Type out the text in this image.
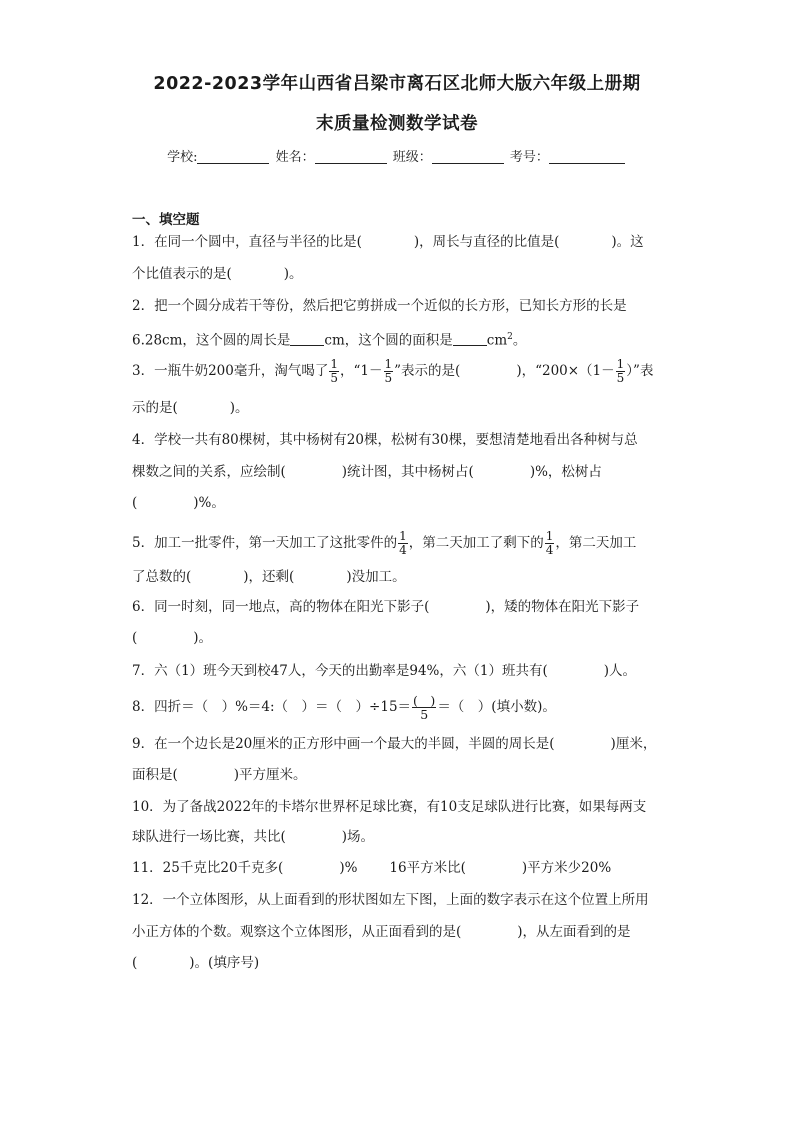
2022-2023学年山西省吕梁市离石区北师大版六年级上册期
末质量检测数学试卷
学校:	姓名：	班级：	考号：
一、填空题
1．在同一个圆中，直径与半径的比是(	)，周长与直径的比值是(	)。这
个比值表示的是(	)。
2．把一个圆分成若干等份，然后把它剪拼成一个近似的长方形，已知长方形的长是
6.28cm，这个圆的周长是	cm，这个圆的面积是	$cm^2$。
3．一瓶牛奶200毫升，淘气喝了 $\frac{1}{5}$ ，“$1- \frac{1}{5}$ ”表示的是(	)，“$200\times(1- \frac{1}{5}$ ）”表
示的是(	)。
4．学校一共有80棵树，其中杨树有20棵，松树有30棵，要想清楚地看出各种树与总
棵数之间的关系，应绘制(	)统计图，其中杨树占(	)%，松树占
(	)%。
5．加工一批零件，第一天加工了这批零件的 $\frac{1}{4}$ ，第二天加工了剩下的 $\frac{1}{4}$ ，第二天加工
了总数的(	)，还剩(	)没加工。
6．同一时刻，同一地点，高的物体在阳光下影子(	)，矮的物体在阳光下影子
(	)。
7．六（1）班今天到校47人，今天的出勤率是94%，六（1）班共有(	)人。
8．四折＝（　）%＝4:（　）＝（　）$\div 15= \frac{( )}{5}$ ＝（　）(填小数)。
9．在一个边长是20厘米的正方形中画一个最大的半圆，半圆的周长是(	)厘米，
面积是(	)平方厘米。
10．为了备战2022年的卡塔尔世界杯足球比赛，有10支足球队进行比赛，如果每两支
球队进行一场比赛，共比(	)场。
11．25千克比20千克多(	)% 16平方米比(	)平方米少20%
12．一个立体图形，从上面看到的形状图如左下图，上面的数字表示在这个位置上所用
小正方体的个数。观察这个立体图形，从正面看到的是(	)，从左面看到的是
(	)。(填序号)
